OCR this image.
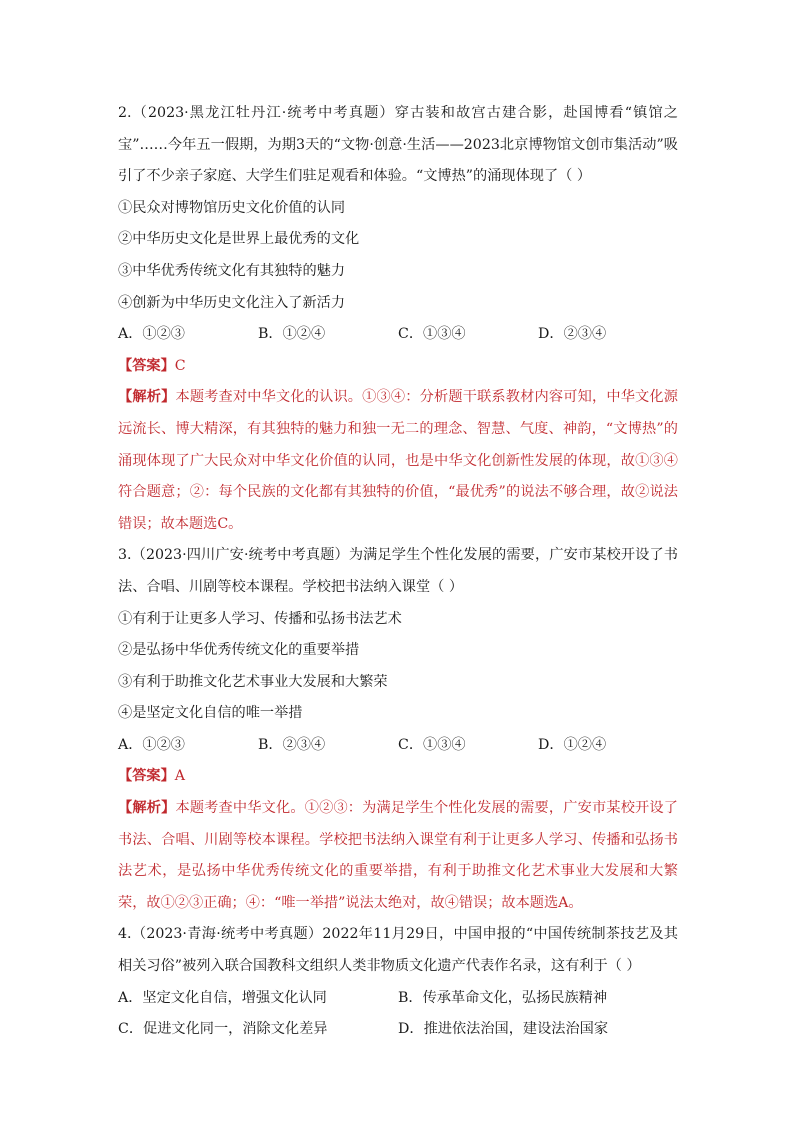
2.（2023·黑龙江牡丹江·统考中考真题）穿古装和故宫古建合影，赴国博看“镇馆之宝”……今年五一假期，为期3天的“文物·创意·生活——2023北京博物馆文创市集活动”吸引了不少亲子家庭、大学生们驻足观看和体验。“文博热”的涌现体现了（ ）
①民众对博物馆历史文化价值的认同
②中华历史文化是世界上最优秀的文化
③中华优秀传统文化有其独特的魅力
④创新为中华历史文化注入了新活力
A．①②③	B．①②④	C．①③④	D．②③④
【答案】C
【解析】本题考查对中华文化的认识。①③④：分析题干联系教材内容可知，中华文化源远流长、博大精深，有其独特的魅力和独一无二的理念、智慧、气度、神韵，“文博热”的涌现体现了广大民众对中华文化价值的认同，也是中华文化创新性发展的体现，故①③④符合题意；②：每个民族的文化都有其独特的价值，“最优秀”的说法不够合理，故②说法错误；故本题选C。
3.（2023·四川广安·统考中考真题）为满足学生个性化发展的需要，广安市某校开设了书法、合唱、川剧等校本课程。学校把书法纳入课堂（ ）
①有利于让更多人学习、传播和弘扬书法艺术
②是弘扬中华优秀传统文化的重要举措
③有利于助推文化艺术事业大发展和大繁荣
④是坚定文化自信的唯一举措
A．①②③	B．②③④	C．①③④	D．①②④
【答案】A
【解析】本题考查中华文化。①②③：为满足学生个性化发展的需要，广安市某校开设了书法、合唱、川剧等校本课程。学校把书法纳入课堂有利于让更多人学习、传播和弘扬书法艺术，是弘扬中华优秀传统文化的重要举措，有利于助推文化艺术事业大发展和大繁荣，故①②③正确；④：“唯一举措”说法太绝对，故④错误；故本题选A。
4.（2023·青海·统考中考真题）2022年11月29日，中国申报的“中国传统制茶技艺及其相关习俗”被列入联合国教科文组织人类非物质文化遗产代表作名录，这有利于（ ）
A．坚定文化自信，增强文化认同	B．传承革命文化，弘扬民族精神
C．促进文化同一，消除文化差异	D．推进依法治国，建设法治国家
